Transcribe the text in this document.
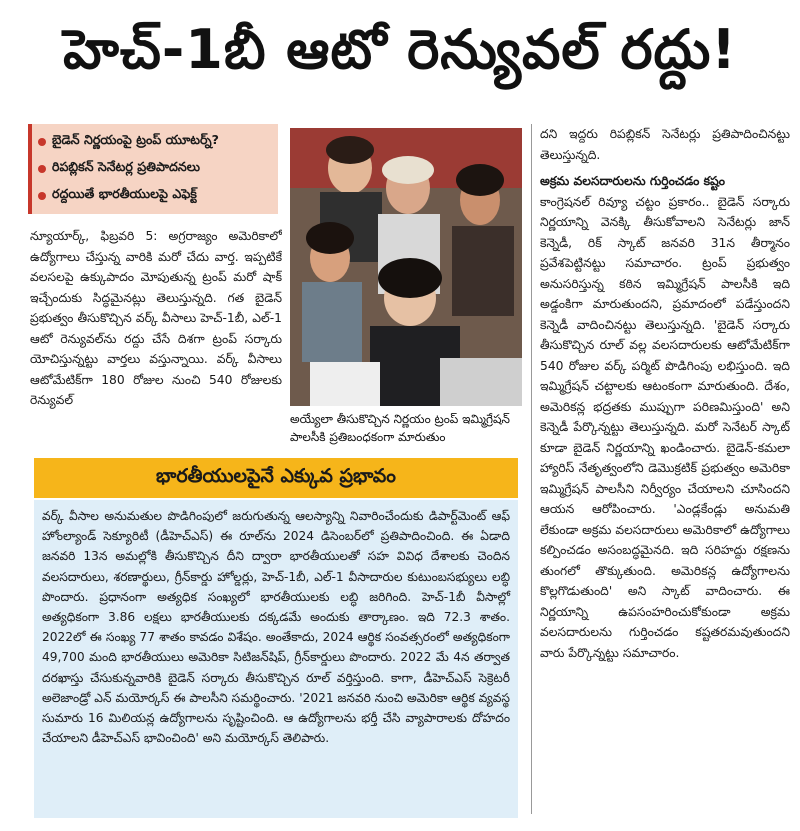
హెచ్‌-1బీ ఆటో రెన్యువల్‌ రద్దు!
బైడెన్‌ నిర్ణయంపై ట్రంప్‌ యూటర్న్‌?
రిపబ్లికన్‌ సెనేటర్ల ప్రతిపాదనలు
రద్దయితే భారతీయులపై ఎఫెక్ట్‌
న్యూయార్క్‌, ఫిబ్రవరి 5: అగ్రరాజ్యం అమెరికాలో ఉద్యోగాలు చేస్తున్న వారికి మరో చేదు వార్త. ఇప్పటికే వలసలపై ఉక్కుపాదం మోపుతున్న ట్రంప్‌ మరో షాక్‌ ఇచ్చేందుకు సిద్ధమైనట్లు తెలుస్తున్నది. గత బైడెన్‌ ప్రభుత్వం తీసుకొచ్చిన వర్క్‌ వీసాలు హెచ్‌-1బీ, ఎల్‌-1 ఆటో రెన్యువల్‌ను రద్దు చేసే దిశగా ట్రంప్‌ సర్కారు యోచిస్తున్నట్టు వార్తలు వస్తున్నాయి. వర్క్‌ వీసాలు ఆటోమేటిక్‌గా 180 రోజుల నుంచి 540 రోజులకు రెన్యువల్‌
అయ్యేలా తీసుకొచ్చిన నిర్ణయం ట్రంప్‌ ఇమ్మిగ్రేషన్‌ పాలసీకి ప్రతిబంధకంగా మారుతుం
భారతీయులపైనే ఎక్కువ ప్రభావం
వర్క్‌ వీసాల అనుమతుల పొడిగింపులో జరుగుతున్న ఆలస్యాన్ని నివారించేందుకు డిపార్ట్‌మెంట్‌ ఆఫ్‌ హోంల్యాండ్‌ సెక్యూరిటీ (డీహెచ్‌ఎస్‌) ఈ రూల్‌ను 2024 డిసెంబర్‌లో ప్రతిపాదించింది. ఈ ఏడాది జనవరి 13న అమల్లోకి తీసుకొచ్చిన దీని ద్వారా భారతీయులతో సహ వివిధ దేశాలకు చెందిన వలసదారులు, శరణార్థులు, గ్రీన్‌కార్డు హోల్డర్లు, హెచ్‌-1బీ, ఎల్‌-1 వీసాదారుల కుటుంబసభ్యులు లబ్ధి పొందారు. ప్రధానంగా అత్యధిక సంఖ్యలో భారతీయులకు లబ్ధి జరిగింది. హెచ్‌-1బీ వీసాల్లో అత్యధికంగా 3.86 లక్షలు భారతీయులకు దక్కడమే అందుకు తార్కాణం. ఇది 72.3 శాతం. 2022లో ఈ సంఖ్య 77 శాతం కావడం విశేషం. అంతేకాదు, 2024 ఆర్థిక సంవత్సరంలో అత్యధికంగా 49,700 మంది భారతీయులు అమెరికా సిటిజన్‌షిప్‌, గ్రీన్‌కార్డులు పొందారు. 2022 మే 4న తర్వాత దరఖాస్తు చేసుకున్నవారికి బైడెన్‌ సర్కారు తీసుకొచ్చిన రూల్‌ వర్తిస్తుంది. కాగా, డీహెచ్‌ఎస్‌ సెక్రెటరీ అలెజాండ్రో ఎన్‌ మయోర్కస్‌ ఈ పాలసీని సమర్థించారు. '2021 జనవరి నుంచి అమెరికా ఆర్థిక వ్యవస్థ సుమారు 16 మిలియన్ల ఉద్యోగాలను సృష్టించింది. ఆ ఉద్యోగాలను భర్తీ చేసి వ్యాపారాలకు దోహదం చేయాలని డీహెచ్‌ఎస్‌ భావించింది' అని మయోర్కస్‌ తెలిపారు.

దని ఇద్దరు రిపబ్లికన్‌ సెనేటర్లు ప్రతిపాదించినట్టు తెలుస్తున్నది.

అక్రమ వలసదారులను గుర్తించడం కష్టం

కాంగ్రెషనల్‌ రివ్యూ చట్టం ప్రకారం.. బైడెన్‌ సర్కారు నిర్ణయాన్ని వెనక్కి తీసుకోవాలని సెనేటర్లు జాన్‌ కెన్నెడీ, రిక్‌ స్కాట్‌ జనవరి 31న తీర్మానం ప్రవేశపెట్టినట్టు సమాచారం. ట్రంప్‌ ప్రభుత్వం అనుసరిస్తున్న కఠిన ఇమ్మిగ్రేషన్‌ పాలసీకి ఇది అడ్డంకిగా మారుతుందని, ప్రమాదంలో పడేస్తుందని కెన్నెడీ వాదించినట్టు తెలుస్తున్నది. 'బైడెన్‌ సర్కారు తీసుకొచ్చిన రూల్‌ వల్ల వలసదారులకు ఆటోమేటిక్‌గా 540 రోజుల వర్క్‌ పర్మిట్‌ పొడిగింపు లభిస్తుంది. ఇది ఇమ్మిగ్రేషన్‌ చట్టాలకు ఆటంకంగా మారుతుంది. దేశం, అమెరికన్ల భద్రతకు ముప్పుగా పరిణమిస్తుంది' అని కెన్నెడీ పేర్కొన్నట్టు తెలుస్తున్నది. మరో సెనేటర్‌ స్కాట్‌ కూడా బైడెన్‌ నిర్ణయాన్ని ఖండించారు. బైడెన్‌-కమలా హ్యారిస్‌ నేతృత్వంలోని డెమొక్రటిక్‌ ప్రభుత్వం అమెరికా ఇమ్మిగ్రేషన్‌ పాలసీని నిర్వీర్యం చేయాలని చూసిందని ఆయన ఆరోపించారు. 'ఎండ్లకేండ్లు అనుమతి లేకుండా అక్రమ వలసదారులు అమెరికాలో ఉద్యోగాలు కల్పించడం అసంబద్ధమైనది. ఇది సరిహద్దు రక్షణను తుంగలో తొక్కుతుంది. అమెరికన్ల ఉద్యోగాలను కొల్లగొడుతుంది' అని స్కాట్‌ వాదించారు. ఈ నిర్ణయాన్ని ఉపసంహరించుకోకుండా అక్రమ వలసదారులను గుర్తించడం కష్టతరమవుతుందని వారు పేర్కొన్నట్టు సమాచారం.
